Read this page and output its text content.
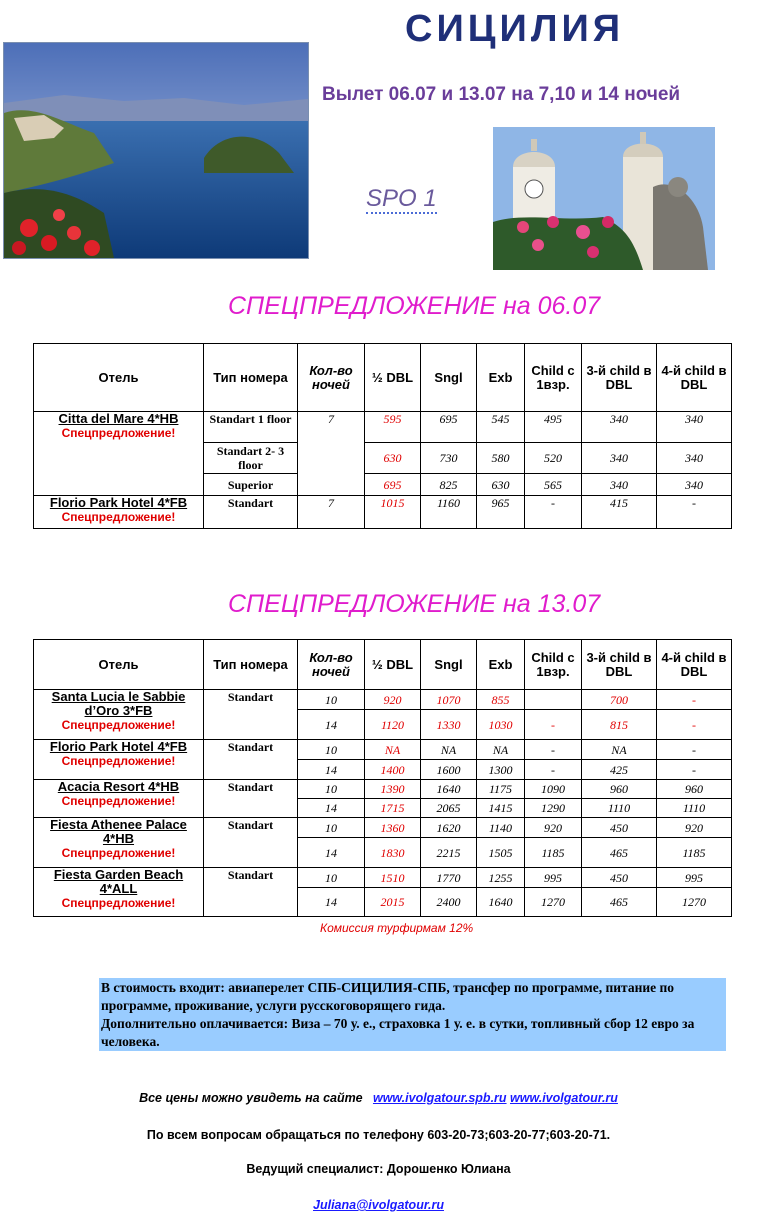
СИЦИЛИЯ
Вылет 06.07 и 13.07 на 7,10 и 14 ночей
SPO 1
СПЕЦПРЕДЛОЖЕНИЕ на 06.07
Отель	Тип номера	Кол-во ночей	½ DBL	Sngl	Exb	Child с 1взр.	3-й child в DBL	4-й child в DBL

Citta del Mare 4*HB
Спецпредложение!	Standart 1 floor	7	595	695	545	495	340	340
	Standart 2- 3 floor		630	730	580	520	340	340
	Superior		695	825	630	565	340	340

Florio Park Hotel 4*FB
Спецпредложение!	Standart	7	1015	1160	965	-	415	-
СПЕЦПРЕДЛОЖЕНИЕ на 13.07
Отель	Тип номера	Кол-во ночей	½ DBL	Sngl	Exb	Child с 1взр.	3-й child в DBL	4-й child в DBL

Santa Lucia le Sabbie d’Oro 3*FB
Спецпредложение!	Standart	10	920	1070	855		700	-
		14	1120	1330	1030	-	815	-

Florio Park Hotel 4*FB
Спецпредложение!	Standart	10	NA	NA	NA	-	NA	-
		14	1400	1600	1300	-	425	-

Acacia Resort 4*HB
Спецпредложение!	Standart	10	1390	1640	1175	1090	960	960
		14	1715	2065	1415	1290	1110	1110

Fiesta Athenee Palace 4*HB
Спецпредложение!	Standart	10	1360	1620	1140	920	450	920
		14	1830	2215	1505	1185	465	1185

Fiesta Garden Beach 4*ALL
Спецпредложение!	Standart	10	1510	1770	1255	995	450	995
		14	2015	2400	1640	1270	465	1270
Комиссия турфирмам 12%
В стоимость входит: авиаперелет СПБ-СИЦИЛИЯ-СПБ, трансфер по программе, питание по программе, проживание, услуги русскоговорящего гида.
Дополнительно оплачивается: Виза – 70 у. е., страховка 1 у. е. в сутки, топливный сбор 12 евро за человека.
Все цены можно увидеть на сайте www.ivolgatour.spb.ru www.ivolgatour.ru
По всем вопросам обращаться по телефону 603-20-73;603-20-77;603-20-71.
Ведущий специалист: Дорошенко Юлиана
Juliana@ivolgatour.ru
